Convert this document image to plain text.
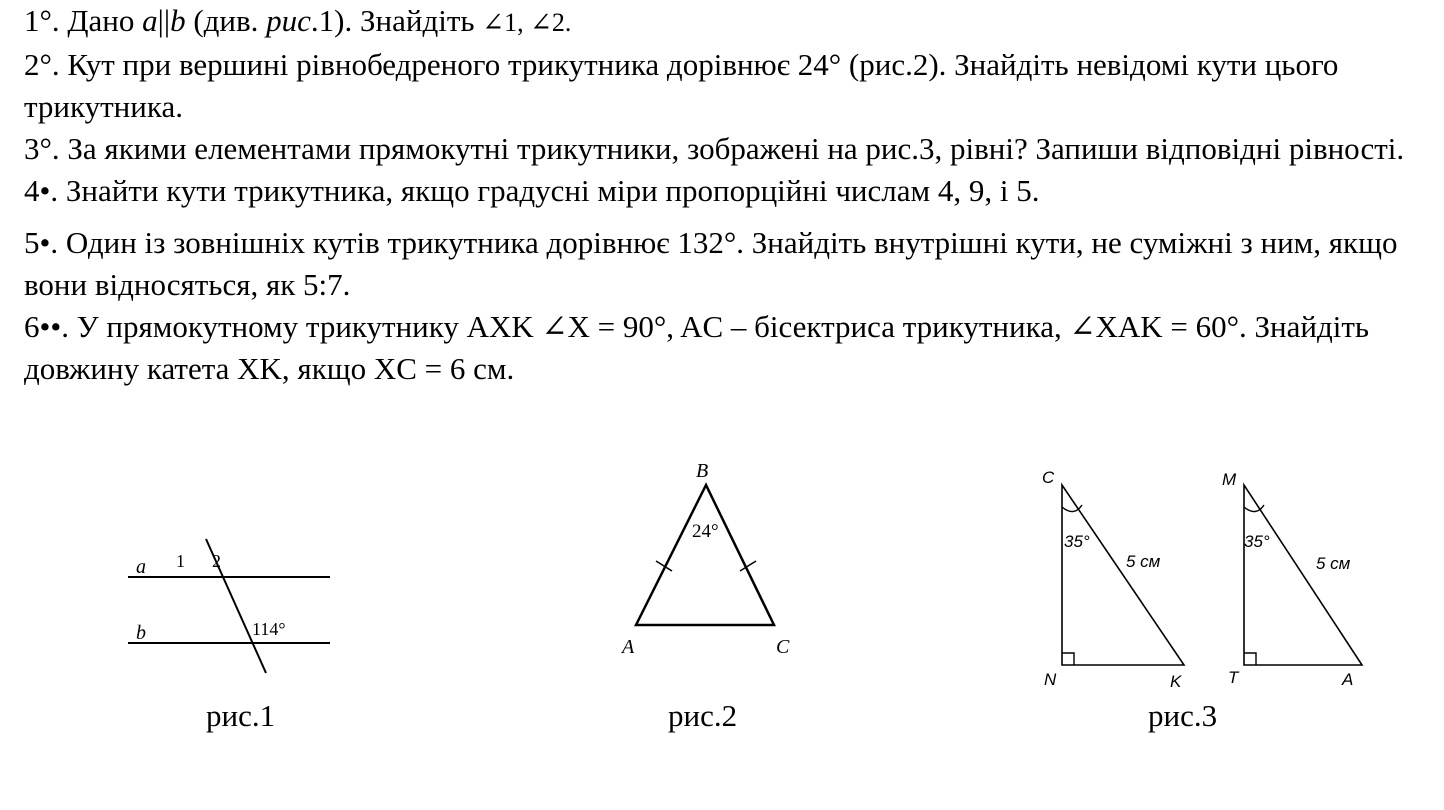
1°. Дано a||b (див. рис.1). Знайдіть ∠1, ∠2.

2°. Кут при вершині рівнобедреного трикутника дорівнює 24° (рис.2). Знайдіть невідомі кути цього трикутника.

3°. За якими елементами прямокутні трикутники, зображені на рис.3, рівні? Запиши відповідні рівності.

4•. Знайти кути трикутника, якщо градусні міри пропорційні числам 4, 9, і 5.

5•. Один із зовнішніх кутів трикутника дорівнює 132°. Знайдіть внутрішні кути, не суміжні з ним, якщо вони відносяться, як 5:7.

6••. У прямокутному трикутнику AXK ∠X = 90°, AC – бісектриса трикутника, ∠XAK = 60°. Знайдіть довжину катета XK, якщо XC = 6 см.

a
b
1 2
114°
рис.1
B
A	C
24°
рис.2
C
N	K
35°
5 см
M
T	A
35°
5 см
рис.3
